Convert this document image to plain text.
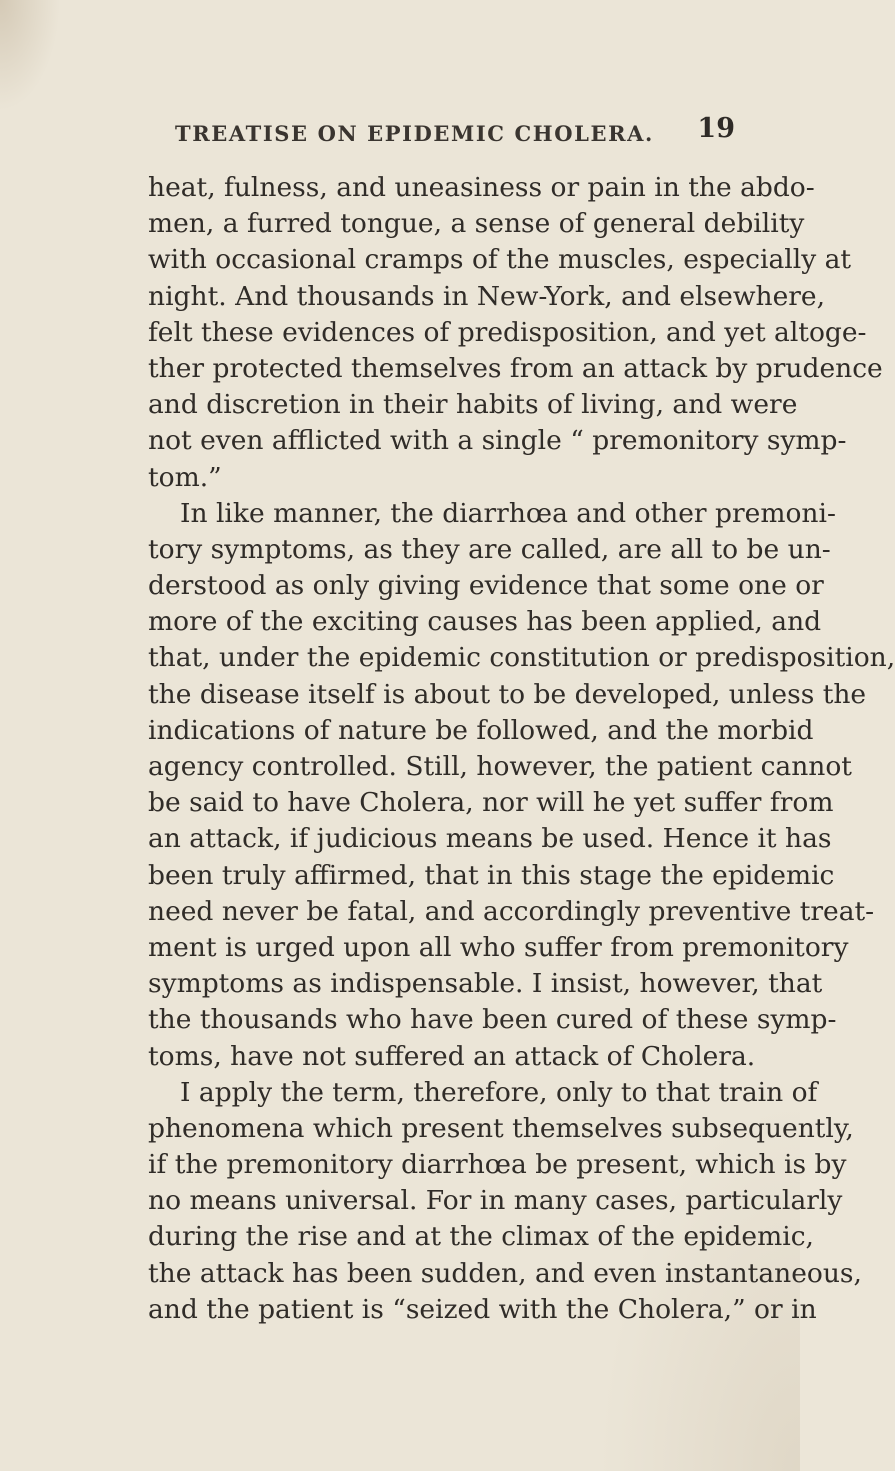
TREATISE ON EPIDEMIC CHOLERA. 19
heat, fulness, and uneasiness or pain in the abdo-
men, a furred tongue, a sense of general debility
with occasional cramps of the muscles, especially at
night. And thousands in New-York, and elsewhere,
felt these evidences of predisposition, and yet altoge-
ther protected themselves from an attack by prudence
and discretion in their habits of living, and were
not even afflicted with a single “ premonitory symp-
tom.”
In like manner, the diarrhœa and other premoni-
tory symptoms, as they are called, are all to be un-
derstood as only giving evidence that some one or
more of the exciting causes has been applied, and
that, under the epidemic constitution or predisposition,
the disease itself is about to be developed, unless the
indications of nature be followed, and the morbid
agency controlled. Still, however, the patient cannot
be said to have Cholera, nor will he yet suffer from
an attack, if judicious means be used. Hence it has
been truly affirmed, that in this stage the epidemic
need never be fatal, and accordingly preventive treat-
ment is urged upon all who suffer from premonitory
symptoms as indispensable. I insist, however, that
the thousands who have been cured of these symp-
toms, have not suffered an attack of Cholera.
I apply the term, therefore, only to that train of
phenomena which present themselves subsequently,
if the premonitory diarrhœa be present, which is by
no means universal. For in many cases, particularly
during the rise and at the climax of the epidemic,
the attack has been sudden, and even instantaneous,
and the patient is “seized with the Cholera,” or in
